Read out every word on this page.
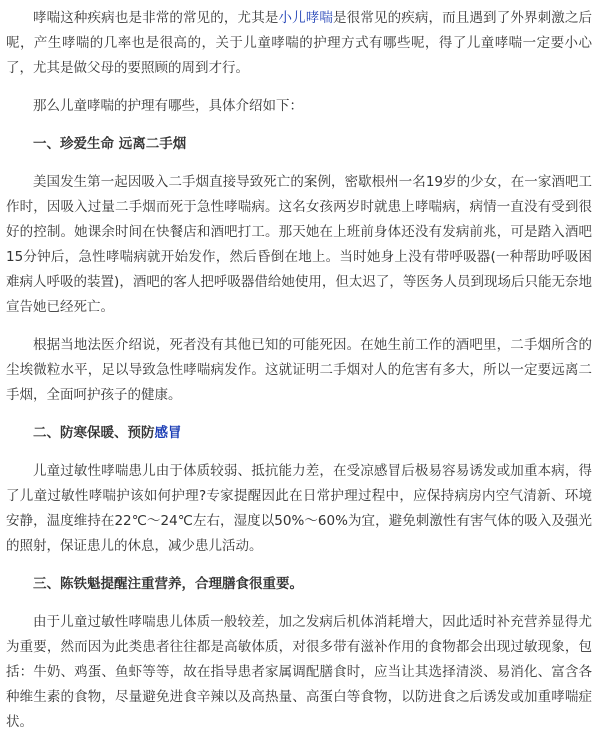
哮喘这种疾病也是非常的常见的，尤其是小儿哮喘是很常见的疾病，而且遇到了外界刺激之后呢，产生哮喘的几率也是很高的，关于儿童哮喘的护理方式有哪些呢，得了儿童哮喘一定要小心了，尤其是做父母的要照顾的周到才行。

那么儿童哮喘的护理有哪些，具体介绍如下：

一、珍爱生命 远离二手烟

美国发生第一起因吸入二手烟直接导致死亡的案例，密歇根州一名19岁的少女，在一家酒吧工作时，因吸入过量二手烟而死于急性哮喘病。这名女孩两岁时就患上哮喘病，病情一直没有受到很好的控制。她课余时间在快餐店和酒吧打工。那天她在上班前身体还没有发病前兆，可是踏入酒吧15分钟后，急性哮喘病就开始发作，然后昏倒在地上。当时她身上没有带呼吸器(一种帮助呼吸困难病人呼吸的装置)，酒吧的客人把呼吸器借给她使用，但太迟了，等医务人员到现场后只能无奈地宣告她已经死亡。

根据当地法医介绍说，死者没有其他已知的可能死因。在她生前工作的酒吧里，二手烟所含的尘埃微粒水平，足以导致急性哮喘病发作。这就证明二手烟对人的危害有多大，所以一定要远离二手烟，全面呵护孩子的健康。

二、防寒保暖、预防感冒

儿童过敏性哮喘患儿由于体质较弱、抵抗能力差，在受凉感冒后极易容易诱发或加重本病，得了儿童过敏性哮喘护该如何护理?专家提醒因此在日常护理过程中，应保持病房内空气清新、环境安静，温度维持在22℃～24℃左右，湿度以50%～60%为宜，避免刺激性有害气体的吸入及强光的照射，保证患儿的休息，减少患儿活动。

三、陈铁魁提醒注重营养，合理膳食很重要。

由于儿童过敏性哮喘患儿体质一般较差，加之发病后机体消耗增大，因此适时补充营养显得尤为重要，然而因为此类患者往往都是高敏体质，对很多带有滋补作用的食物都会出现过敏现象，包括：牛奶、鸡蛋、鱼虾等等，故在指导患者家属调配膳食时，应当让其选择清淡、易消化、富含各种维生素的食物，尽量避免进食辛辣以及高热量、高蛋白等食物，以防进食之后诱发或加重哮喘症状。
